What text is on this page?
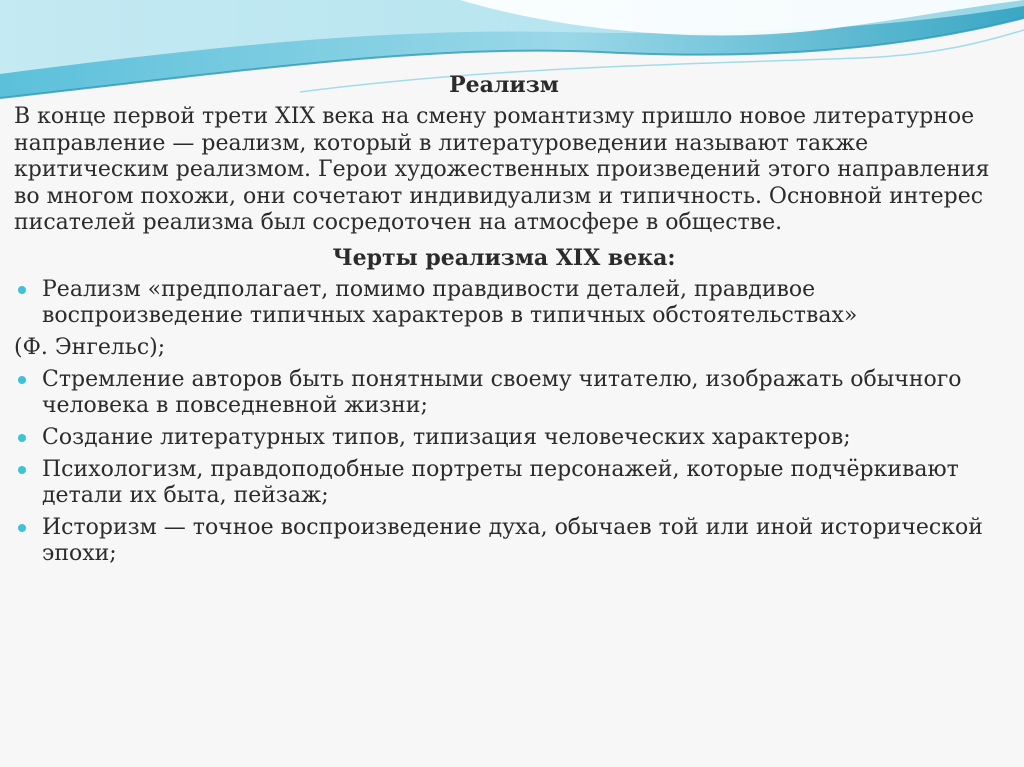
Реализм

В конце первой трети XIX века на смену романтизму пришло новое литературное направление — реализм, который в литературоведении называют также критическим реализмом. Герои художественных произведений этого направления во многом похожи, они сочетают индивидуализм и типичность. Основной интерес писателей реализма был сосредоточен на атмосфере в обществе.

Черты реализма XIX века:
Реализм «предполагает, помимо правдивости деталей, правдивое воспроизведение типичных характеров в типичных обстоятельствах»
(Ф. Энгельс);
Стремление авторов быть понятными своему читателю, изображать обычного человека в повседневной жизни;
Создание литературных типов, типизация человеческих характеров;
Психологизм, правдоподобные портреты персонажей, которые подчёркивают детали их быта, пейзаж;
Историзм — точное воспроизведение духа, обычаев той или иной исторической эпохи;
